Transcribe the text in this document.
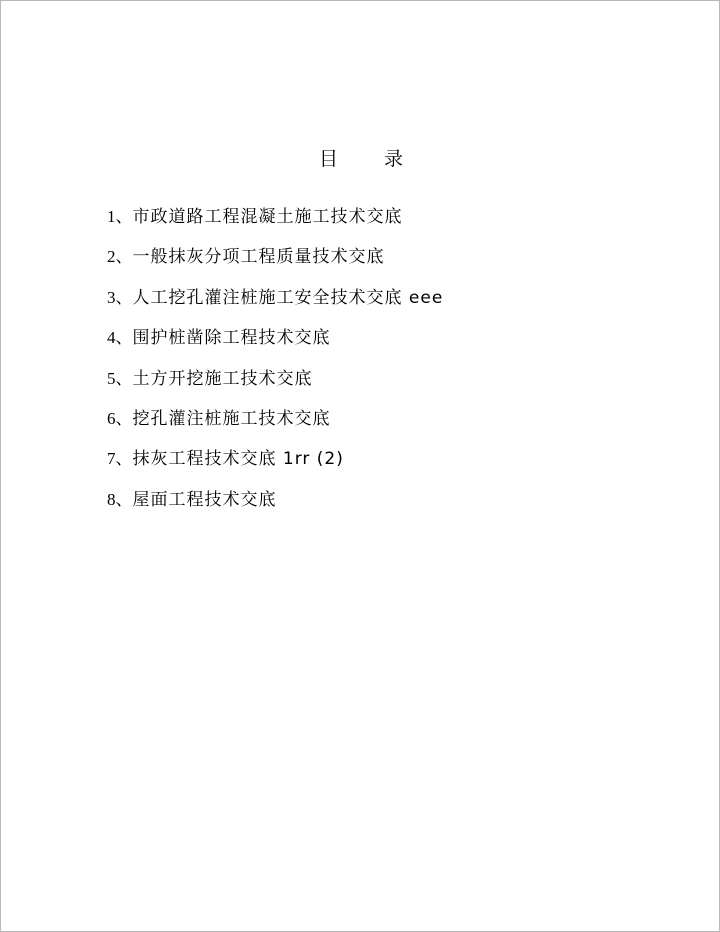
目 录
1、市政道路工程混凝土施工技术交底
2、一般抹灰分项工程质量技术交底
3、人工挖孔灌注桩施工安全技术交底 eee
4、围护桩凿除工程技术交底
5、土方开挖施工技术交底
6、挖孔灌注桩施工技术交底
7、抹灰工程技术交底 1rr (2)
8、屋面工程技术交底
